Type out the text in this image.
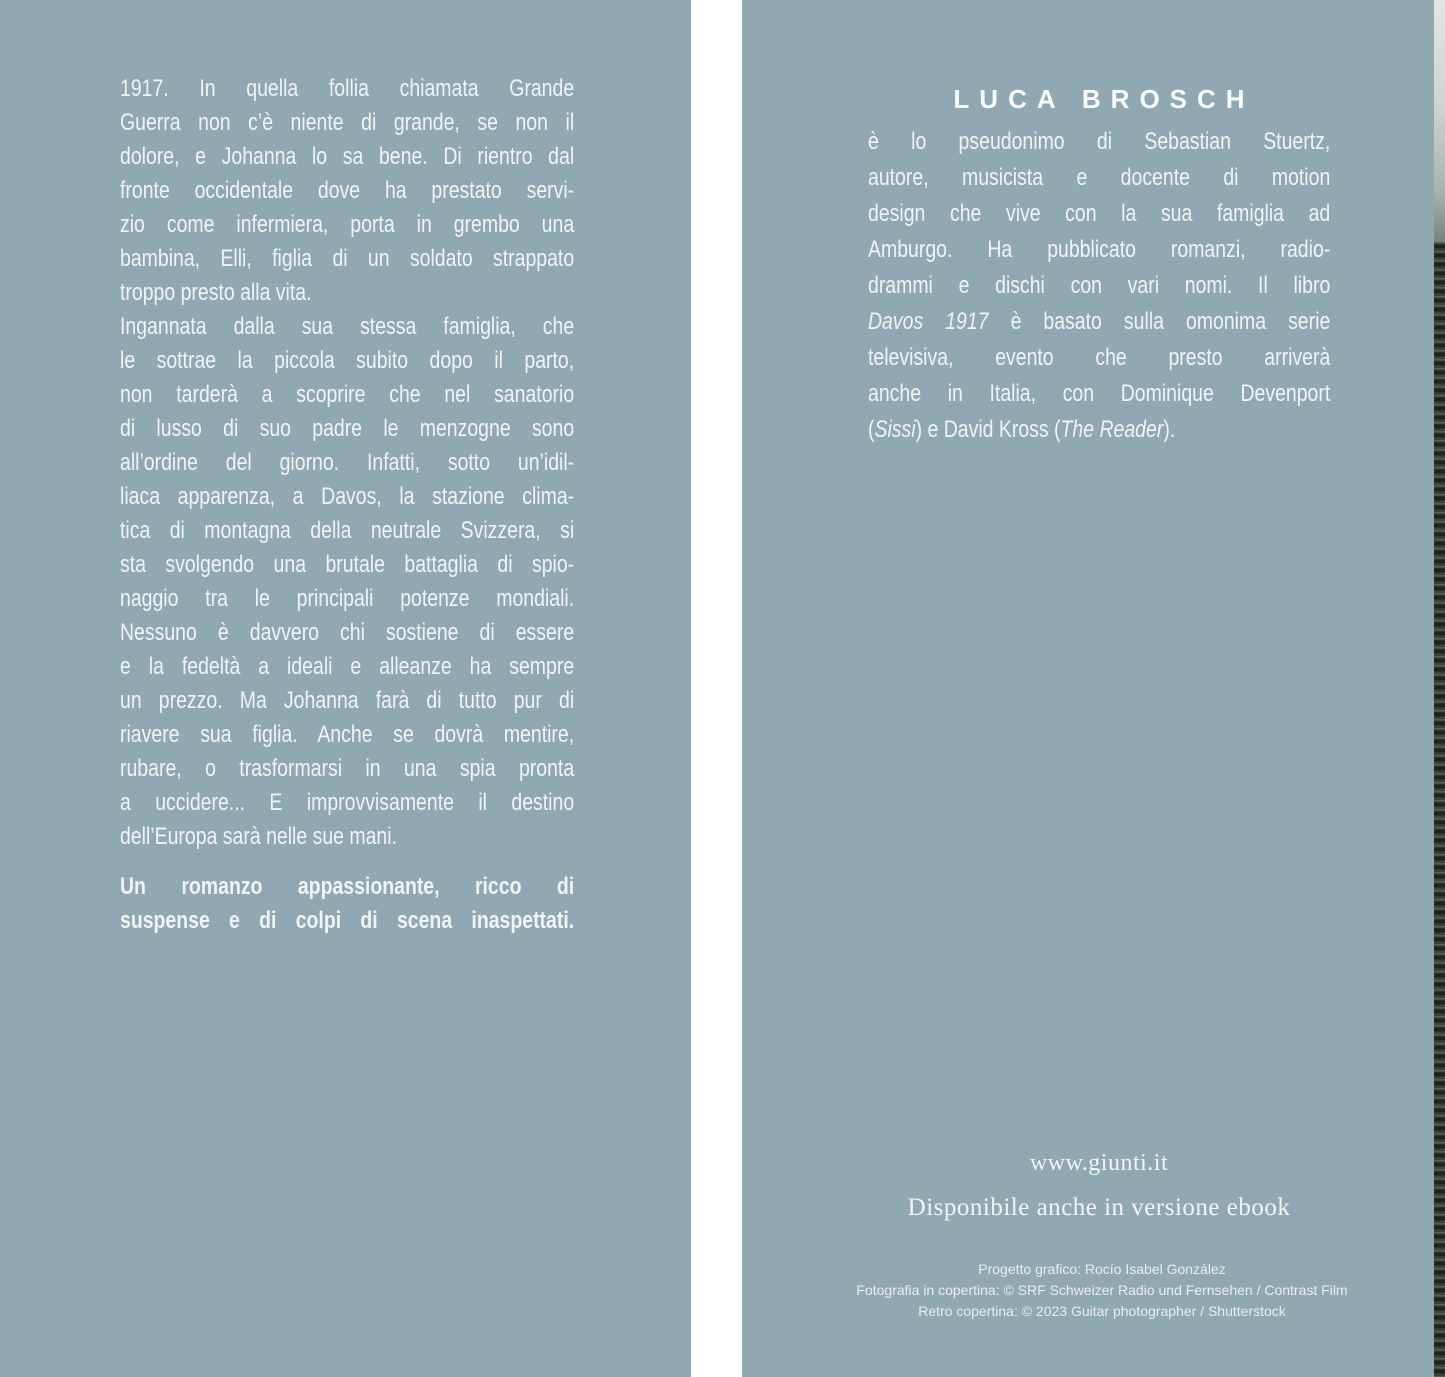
1917. In quella follia chiamata Grande
Guerra non c’è niente di grande, se non il
dolore, e Johanna lo sa bene. Di rientro dal
fronte occidentale dove ha prestato servi-
zio come infermiera, porta in grembo una
bambina, Elli, figlia di un soldato strappato
troppo presto alla vita.
Ingannata dalla sua stessa famiglia, che
le sottrae la piccola subito dopo il parto,
non tarderà a scoprire che nel sanatorio
di lusso di suo padre le menzogne sono
all’ordine del giorno. Infatti, sotto un’idil-
liaca apparenza, a Davos, la stazione clima-
tica di montagna della neutrale Svizzera, si
sta svolgendo una brutale battaglia di spio-
naggio tra le principali potenze mondiali.
Nessuno è davvero chi sostiene di essere
e la fedeltà a ideali e alleanze ha sempre
un prezzo. Ma Johanna farà di tutto pur di
riavere sua figlia. Anche se dovrà mentire,
rubare, o trasformarsi in una spia pronta
a uccidere... E improvvisamente il destino
dell’Europa sarà nelle sue mani.
Un romanzo appassionante, ricco di
suspense e di colpi di scena inaspettati.
LUCA BROSCH
è lo pseudonimo di Sebastian Stuertz,
autore, musicista e docente di motion
design che vive con la sua famiglia ad
Amburgo. Ha pubblicato romanzi, radio-
drammi e dischi con vari nomi. Il libro
Davos 1917 è basato sulla omonima serie
televisiva, evento che presto arriverà
anche in Italia, con Dominique Devenport
(Sissi) e David Kross (The Reader).
www.giunti.it
Disponibile anche in versione ebook
Progetto grafico: Rocío Isabel González
Fotografia in copertina: © SRF Schweizer Radio und Fernsehen / Contrast Film
Retro copertina: © 2023 Guitar photographer / Shutterstock
